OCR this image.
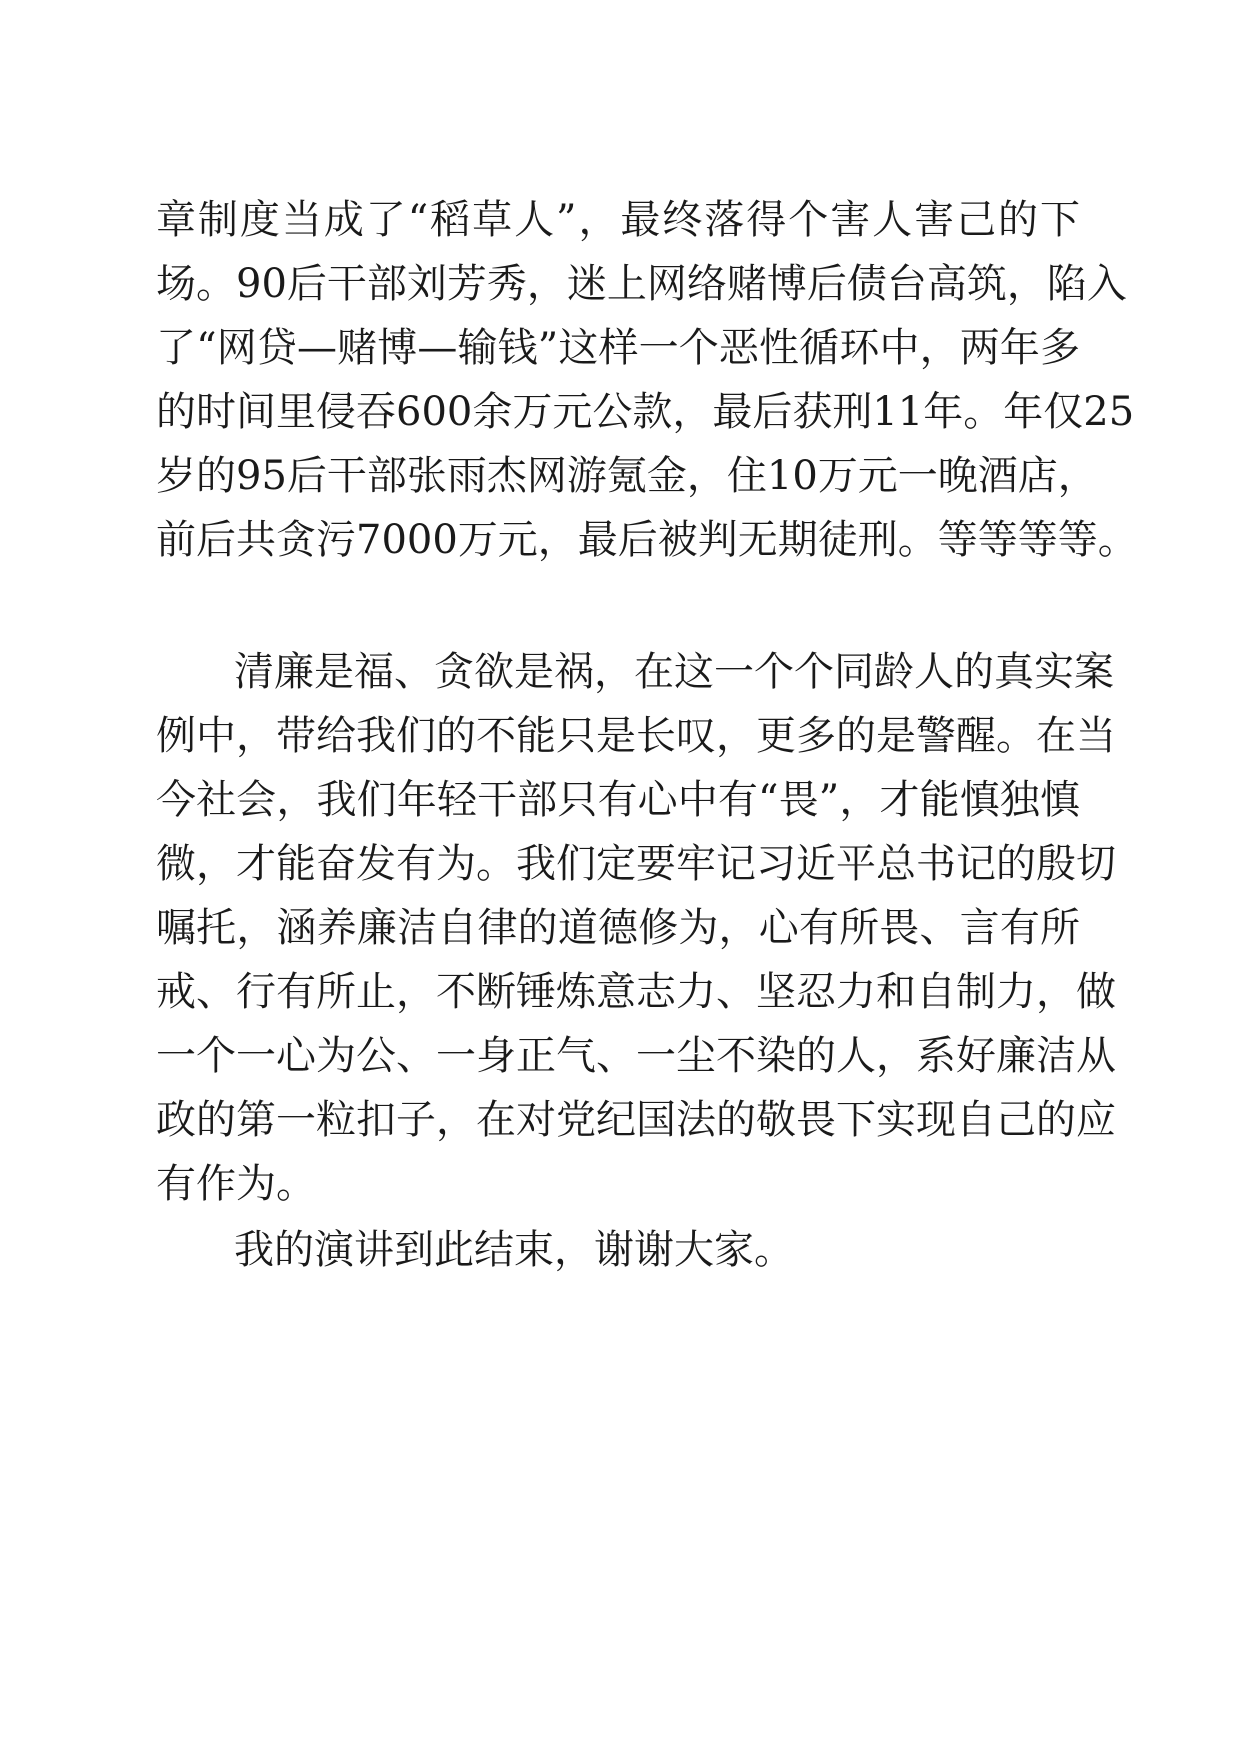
章制度当成了“稻草人”，最终落得个害人害己的下

场。90后干部刘芳秀，迷上网络赌博后债台高筑，陷入

了“网贷—赌博—输钱”这样一个恶性循环中，两年多

的时间里侵吞600余万元公款，最后获刑11年。年仅25

岁的95后干部张雨杰网游氪金，住10万元一晚酒店，

前后共贪污7000万元，最后被判无期徒刑。等等等等。

清廉是福、贪欲是祸，在这一个个同龄人的真实案

例中，带给我们的不能只是长叹，更多的是警醒。在当

今社会，我们年轻干部只有心中有“畏”，才能慎独慎

微，才能奋发有为。我们定要牢记习近平总书记的殷切

嘱托，涵养廉洁自律的道德修为，心有所畏、言有所

戒、行有所止，不断锤炼意志力、坚忍力和自制力，做

一个一心为公、一身正气、一尘不染的人，系好廉洁从

政的第一粒扣子，在对党纪国法的敬畏下实现自己的应

有作为。

我的演讲到此结束，谢谢大家。
